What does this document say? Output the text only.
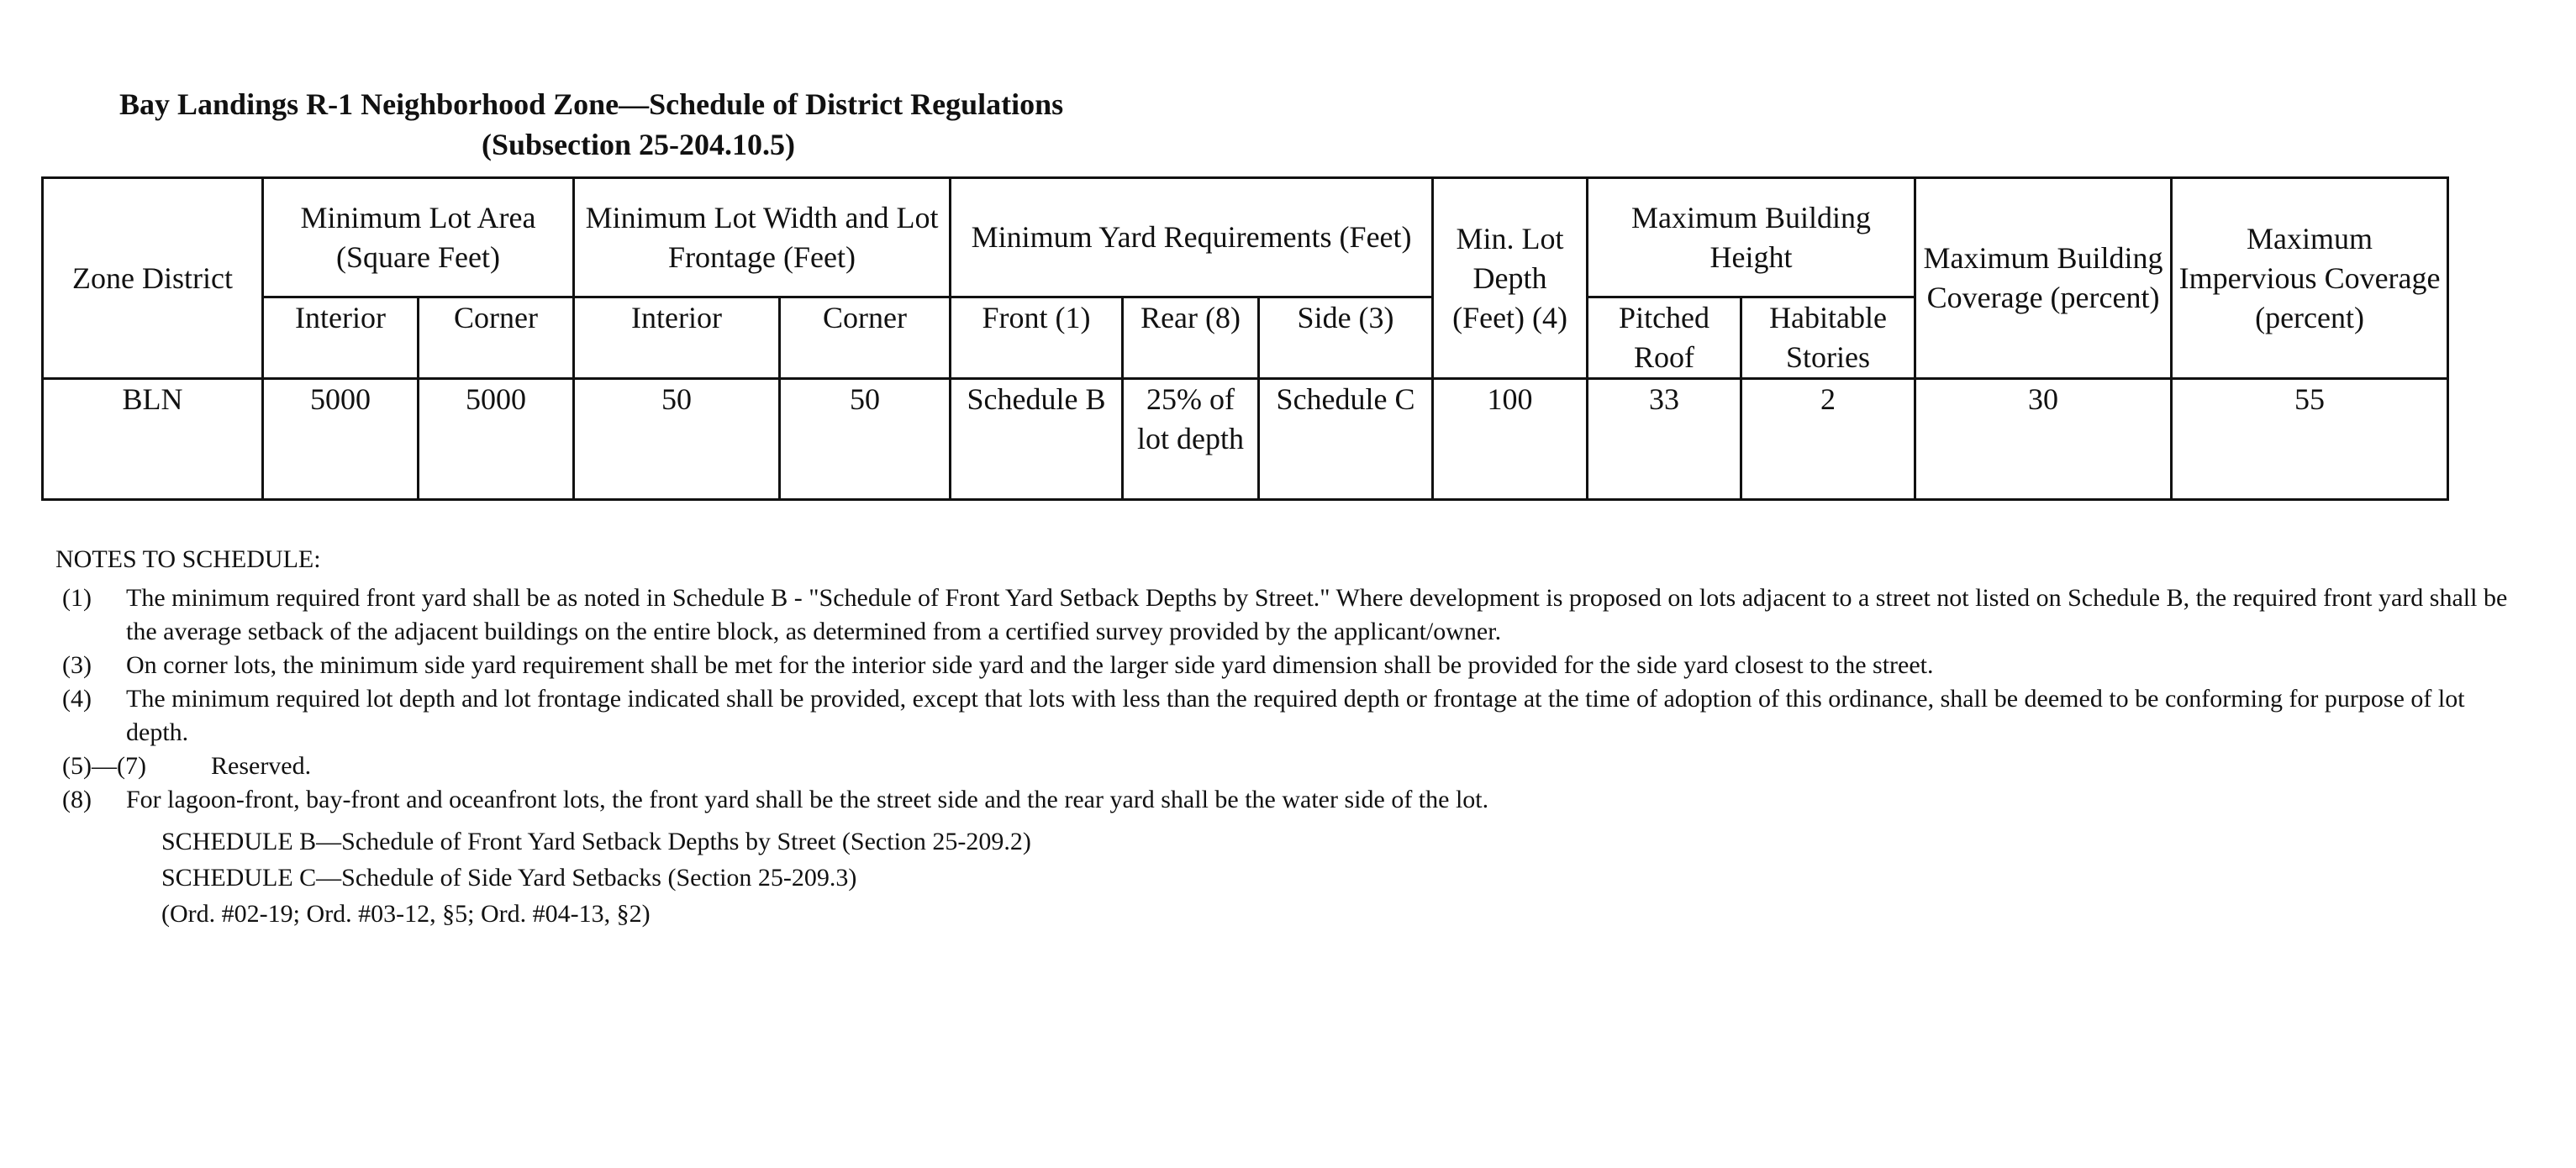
Bay Landings R-1 Neighborhood Zone—Schedule of District Regulations
(Subsection 25-204.10.5)
Zone District	Minimum Lot Area (Square Feet)		Minimum Lot Width and Lot Frontage (Feet)		Minimum Yard Requirements (Feet)			Min. Lot Depth (Feet) (4)	Maximum Building Height		Maximum Building Coverage (percent)	Maximum Impervious Coverage (percent)
	Interior	Corner	Interior	Corner	Front (1)	Rear (8)	Side (3)		Pitched Roof	Habitable Stories		
BLN	5000	5000	50	50	Schedule B	25% of lot depth	Schedule C	100	33	2	30	55
NOTES TO SCHEDULE:
(1)	The minimum required front yard shall be as noted in Schedule B - "Schedule of Front Yard Setback Depths by Street." Where development is proposed on lots adjacent to a street not listed on Schedule B, the required front yard shall be the average setback of the adjacent buildings on the entire block, as determined from a certified survey provided by the applicant/owner.
(3)	On corner lots, the minimum side yard requirement shall be met for the interior side yard and the larger side yard dimension shall be provided for the side yard closest to the street.
(4)	The minimum required lot depth and lot frontage indicated shall be provided, except that lots with less than the required depth or frontage at the time of adoption of this ordinance, shall be deemed to be conforming for purpose of lot depth.
(5)—(7)	Reserved.
(8)	For lagoon-front, bay-front and oceanfront lots, the front yard shall be the street side and the rear yard shall be the water side of the lot.
SCHEDULE B—Schedule of Front Yard Setback Depths by Street (Section 25-209.2)
SCHEDULE C—Schedule of Side Yard Setbacks (Section 25-209.3)
(Ord. #02-19; Ord. #03-12, §5; Ord. #04-13, §2)
